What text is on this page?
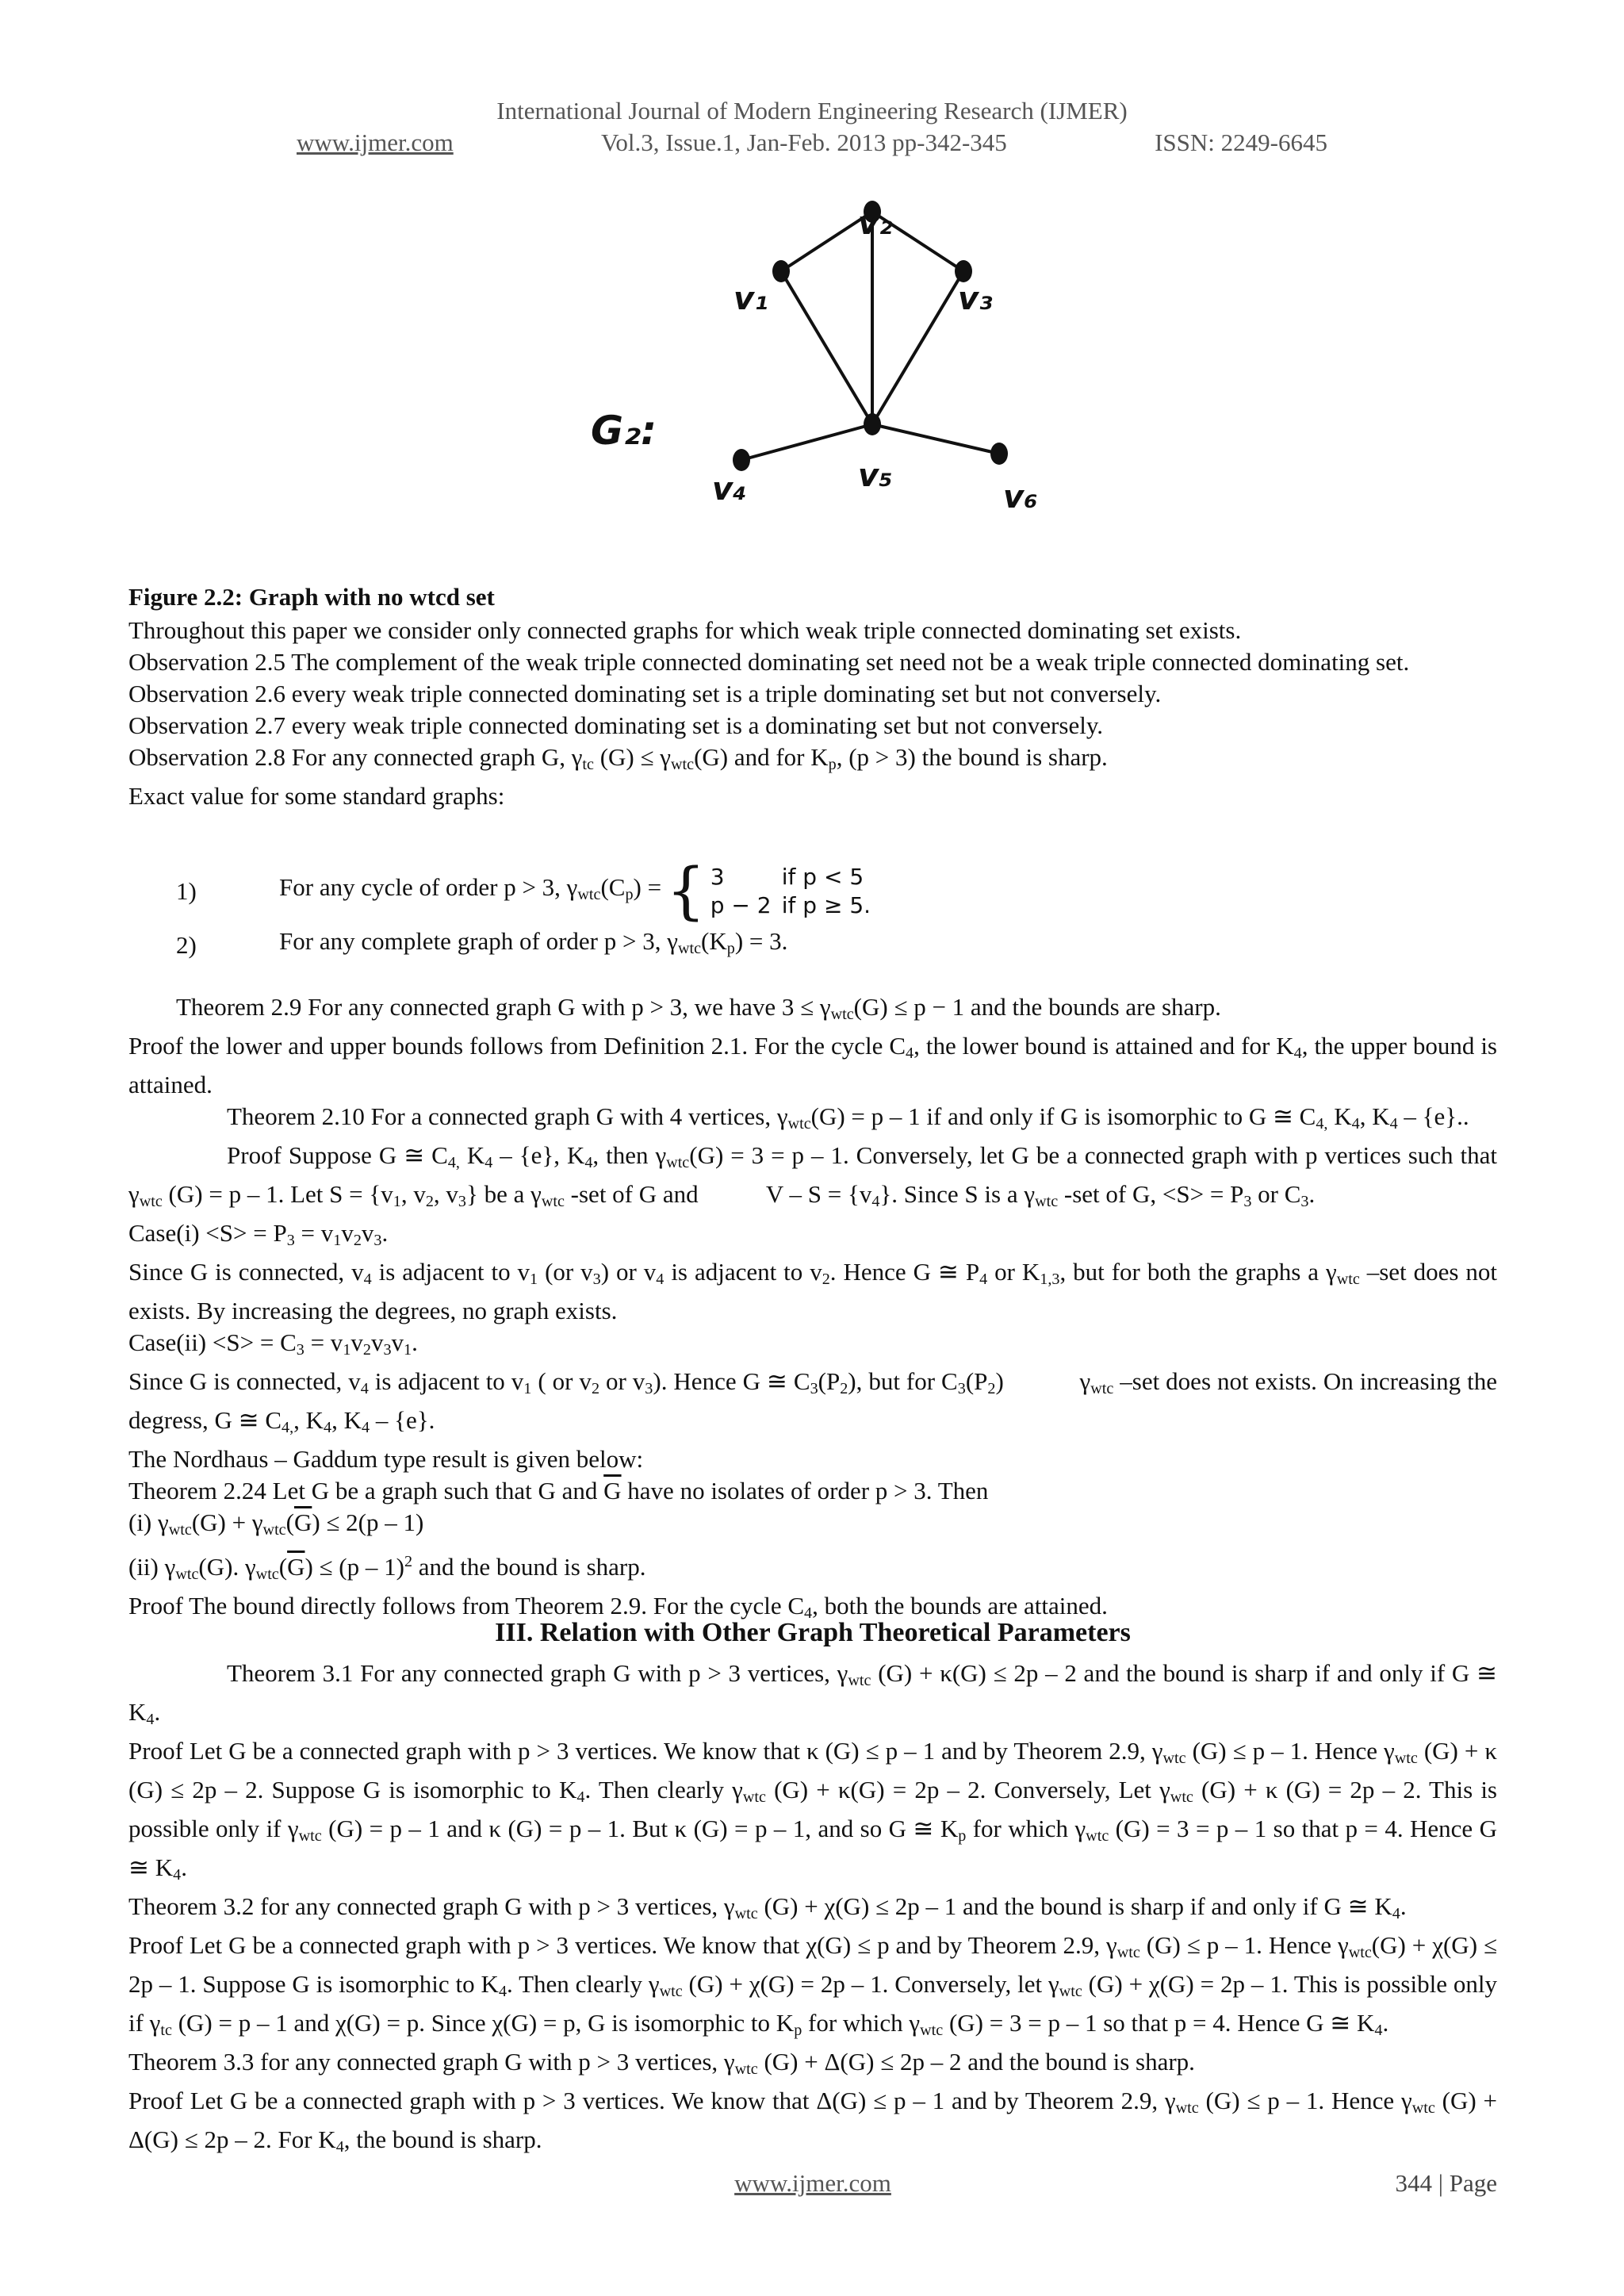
International Journal of Modern Engineering Research (IJMER)
www.ijmer.com	Vol.3, Issue.1, Jan-Feb. 2013 pp-342-345	ISSN: 2249-6645
G₂:
v₁
v₂
v₃
v₄	v₅
v₆
Figure 2.2: Graph with no wtcd set

Throughout this paper we consider only connected graphs for which weak triple connected dominating set exists.

Observation 2.5 The complement of the weak triple connected dominating set need not be a weak triple connected dominating set.

Observation 2.6 every weak triple connected dominating set is a triple dominating set but not conversely.

Observation 2.7 every weak triple connected dominating set is a dominating set but not conversely.

Observation 2.8 For any connected graph G, $\gamma_{tc}$ $(G) \le \gamma_{wtc}(G)$ and for $K_p$, (p > 3) the bound is sharp.

Exact value for some standard graphs:

1)	For any cycle of order p > 3, $\gamma_{wtc}(C_p)$ = { 3	if p < 5
p − 2 if p ≥ 5.
2)	For any complete graph of order p > 3, $\gamma_{wtc}(K_p) = 3$.

Theorem 2.9 For any connected graph G with p > 3, we have $3 \le \gamma_{wtc}(G) \le p - 1$ and the bounds are sharp.

Proof the lower and upper bounds follows from Definition 2.1. For the cycle $C_4$, the lower bound is attained and for $K_4$, the upper bound is attained.

Theorem 2.10 For a connected graph G with 4 vertices, $\gamma_{wtc}(G) = p - 1$ if and only if G is isomorphic to G ≅ $C_{4,}$ $K_4$, $K_4 - \{e\}$..

Proof Suppose G ≅ $C_{4,}$ $K_4 - \{e\}$, $K_4$, then $\gamma_{wtc}(G) = 3 = p - 1$. Conversely, let G be a connected graph with p vertices such that $\gamma_{wtc}$ (G) = p – 1. Let $S = \{v_1$, $v_2$, $v_3$} be a $\gamma_{wtc}$ -set of G and           $V - S = \{v_4\}$. Since S is a $\gamma_{wtc}$ -set of G, $<S> = P_3$ or $C_3$.

Case(i) $<S> = P_3 = v_1v_2v_3$.

Since G is connected, $v_4$ is adjacent to $v_1$ (or $v_3$) or $v_4$ is adjacent to $v_2$. Hence G ≅ $P_4$ or $K_{1,3}$, but for both the graphs a $\gamma_{wtc}$ –set does not exists. By increasing the degrees, no graph exists.

Case(ii) $<S> = C_3 = v_1v_2v_3v_1$.

Since G is connected, $v_4$ is adjacent to $v_1$ ( or $v_2$ or $v_3$). Hence G ≅ $C_3(P_2)$, but for $C_3(P_2)$            $\gamma_{wtc}$ –set does not exists. On increasing the degress, G ≅ $C_{4,}$, $K_4$, $K_4 - \{e\}$.

The Nordhaus – Gaddum type result is given below:

Theorem 2.24 Let G be a graph such that G and $\overline{G}$ have no isolates of order p > 3. Then

(i) $\gamma_{wtc}(G) + \gamma_{wtc}(\overline{G}) \le 2(p - 1)$

(ii) $\gamma_{wtc}(G)$. $\gamma_{wtc}(\overline{G}) \le (p - 1)^2$ and the bound is sharp.

Proof The bound directly follows from Theorem 2.9. For the cycle $C_4$, both the bounds are attained.

III. Relation with Other Graph Theoretical Parameters

Theorem 3.1 For any connected graph G with p > 3 vertices, $\gamma_{wtc}$ (G) + κ(G) ≤ 2p – 2 and the bound is sharp if and only if G ≅ $K_4$.

Proof Let G be a connected graph with p > 3 vertices. We know that κ (G) ≤ p – 1 and by Theorem 2.9, $\gamma_{wtc}$ (G) ≤ p – 1. Hence $\gamma_{wtc}$ (G) + κ (G) ≤ 2p – 2. Suppose G is isomorphic to $K_4$. Then clearly $\gamma_{wtc}$ (G) + κ(G) = 2p – 2. Conversely, Let $\gamma_{wtc}$ (G) + κ (G) = 2p – 2. This is possible only if $\gamma_{wtc}$ (G) = p – 1 and κ (G) = p – 1. But κ (G) = p – 1, and so G ≅ $K_p$ for which $\gamma_{wtc}$ (G) = 3 = p – 1 so that p = 4. Hence G ≅ $K_4$.

Theorem 3.2 for any connected graph G with p > 3 vertices, $\gamma_{wtc}$ (G) + χ(G) ≤ 2p – 1 and the bound is sharp if and only if G ≅ $K_4$.

Proof Let G be a connected graph with p > 3 vertices. We know that χ(G) ≤ p and by Theorem 2.9, $\gamma_{wtc}$ (G) ≤ p – 1. Hence $\gamma_{wtc}(G) + \chi(G) \le 2p - 1$. Suppose G is isomorphic to $K_4$. Then clearly $\gamma_{wtc}$ (G) + χ(G) = 2p – 1. Conversely, let $\gamma_{wtc}$ (G) + χ(G) = 2p – 1. This is possible only if $\gamma_{tc}$ (G) = p – 1 and χ(G) = p. Since χ(G) = p, G is isomorphic to $K_p$ for which $\gamma_{wtc}$ (G) = 3 = p – 1 so that p = 4. Hence G ≅ $K_4$.

Theorem 3.3 for any connected graph G with p > 3 vertices, $\gamma_{wtc}$ (G) + Δ(G) ≤ 2p – 2 and the bound is sharp.

Proof Let G be a connected graph with p > 3 vertices. We know that Δ(G) ≤ p – 1 and by Theorem 2.9, $\gamma_{wtc}$ (G) ≤ p – 1. Hence $\gamma_{wtc}$ (G) + Δ(G) ≤ 2p – 2. For $K_4$, the bound is sharp.

www.ijmer.com	344 | Page
